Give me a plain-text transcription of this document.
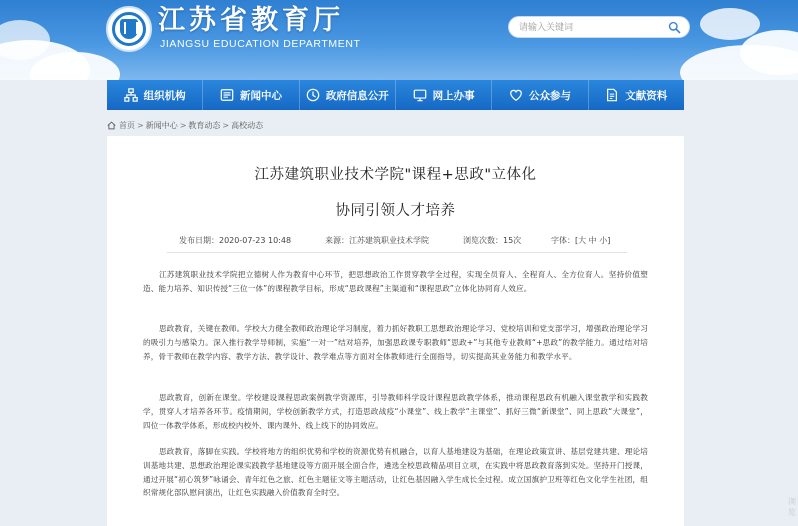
江苏省教育厅
JIANGSU EDUCATION DEPARTMENT
请输入关键词
组织机构	新闻中心	政府信息公开	网上办事	公众参与	文献资料
首页 > 新闻中心 > 教育动态 > 高校动态
江苏建筑职业技术学院"课程+思政"立体化
协同引领人才培养
发布日期：2020-07-23 10:48	来源：江苏建筑职业技术学院	浏览次数：15次	字体：[大 中 小]

江苏建筑职业技术学院把立德树人作为教育中心环节，把思想政治工作贯穿教学全过程，实现全员育人、全程育人、全方位育人。坚持价值塑造、能力培养、知识传授“三位一体”的课程教学目标，形成“思政课程”主渠道和“课程思政”立体化协同育人效应。

思政教育，关键在教师。学校大力健全教师政治理论学习制度，着力抓好教职工思想政治理论学习、党校培训和党支部学习，增强政治理论学习的吸引力与感染力。深入推行教学导师制，实施“一对一”结对培养，加强思政课专职教师“思政+”与其他专业教师“+思政”的教学能力。通过结对培养，骨干教师在教学内容、教学方法、教学设计、教学难点等方面对全体教师进行全面指导，切实提高其业务能力和教学水平。

思政教育，创新在课堂。学校建设课程思政案例教学资源库，引导教师科学设计课程思政教学体系，推动课程思政有机融入课堂教学和实践教学，贯穿人才培养各环节。疫情期间，学校创新教学方式，打造思政战疫“小课堂”、线上教学“主课堂”、抓好三微“新课堂”、同上思政“大课堂”，四位一体教学体系，形成校内校外、课内课外、线上线下的协同效应。

思政教育，落脚在实践。学校将地方的组织优势和学校的资源优势有机融合，以育人基地建设为基础，在理论政策宣讲、基层党建共建、理论培训基地共建、思想政治理论课实践教学基地建设等方面开展全面合作，遴选全校思政精品项目立项，在实践中将思政教育落到实处。坚持开门授课，通过开展“初心筑梦”咏诵会、青年红色之旅、红色主题征文等主题活动，让红色基因融入学生成长全过程。成立国旗护卫班等红色文化学生社团，组织常规化部队慰问演出，让红色实践融入价值教育全时空。

浏览
